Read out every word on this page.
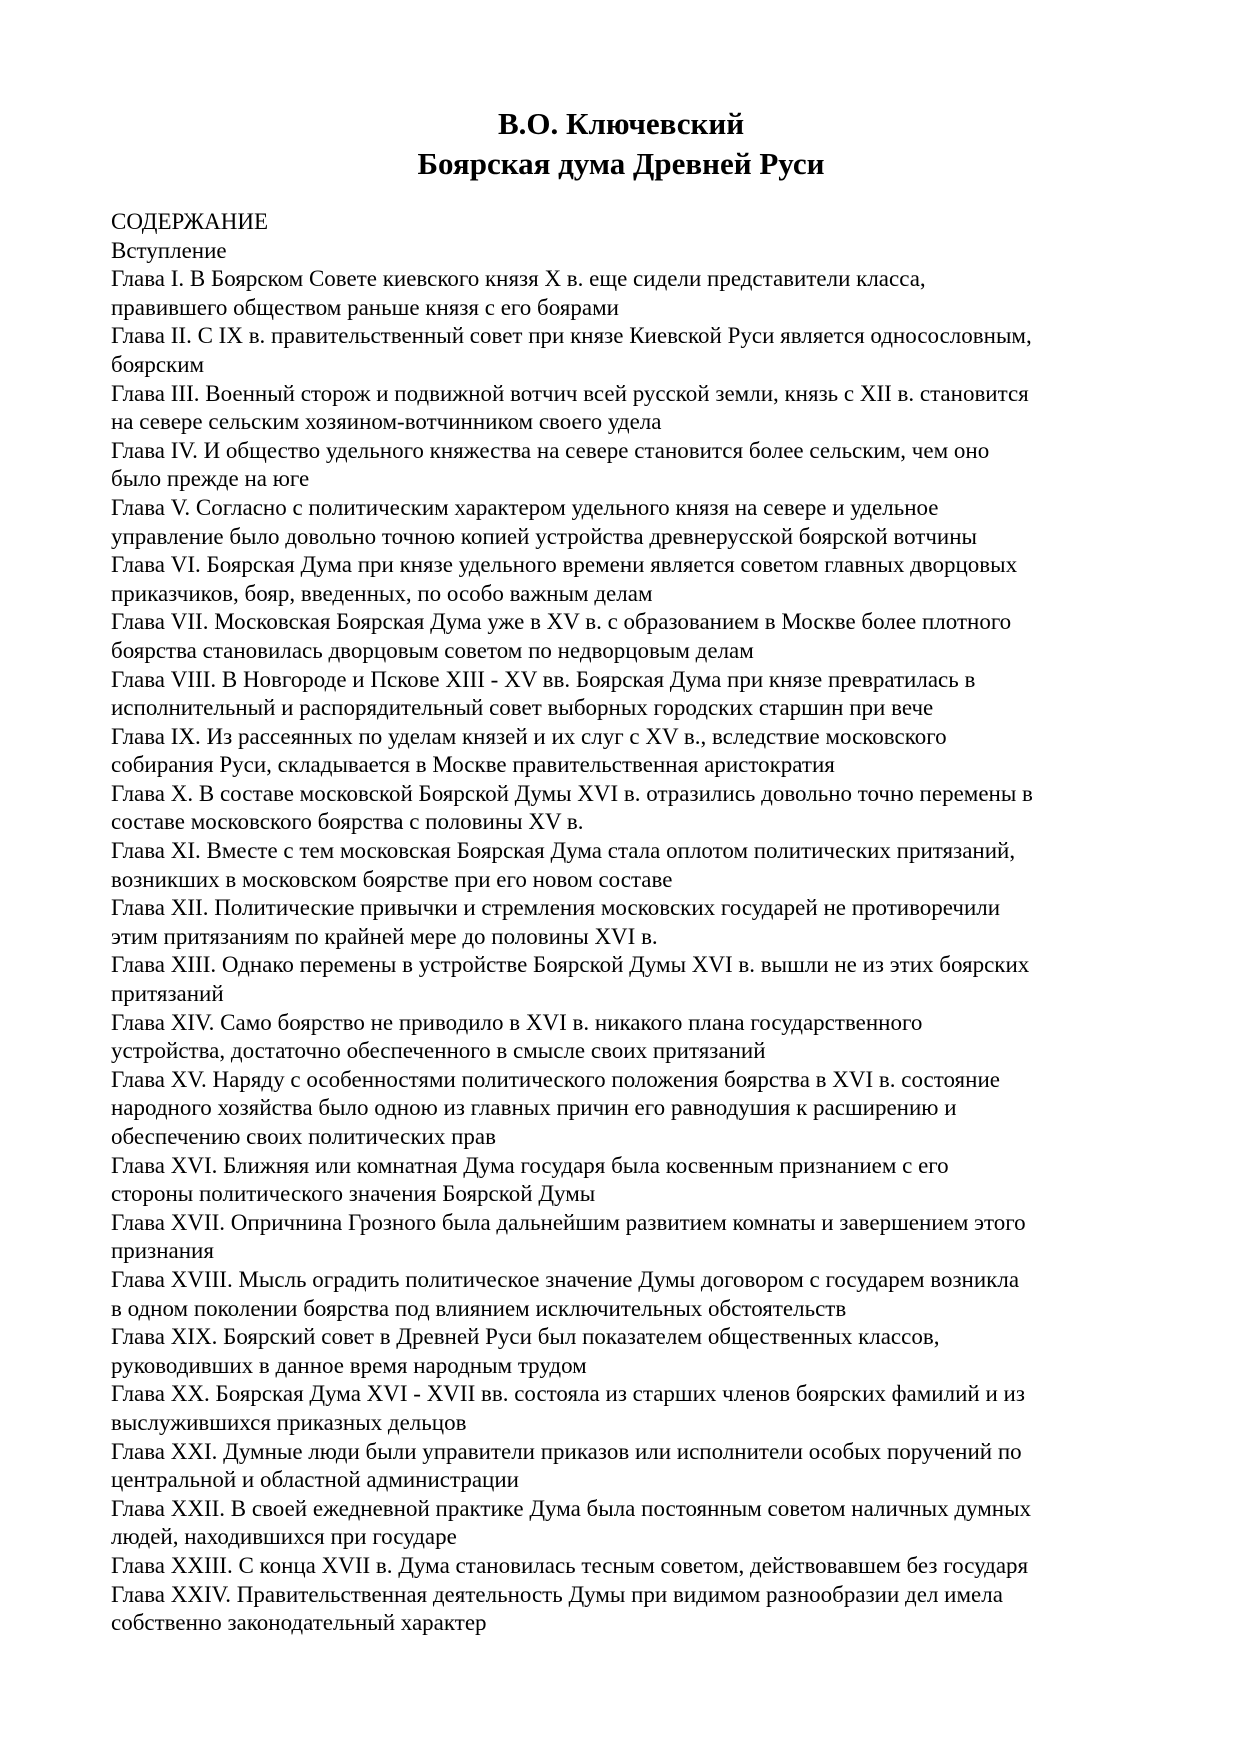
В.О. Ключевский
Боярская дума Древней Руси
СОДЕРЖАНИЕ
Вступление
Глава I. В Боярском Совете киевского князя X в. еще сидели представители класса,
правившего обществом раньше князя с его боярами
Глава II. С IX в. правительственный совет при князе Киевской Руси является односословным,
боярским
Глава III. Военный сторож и подвижной вотчич всей русской земли, князь с XII в. становится
на севере сельским хозяином-вотчинником своего удела
Глава IV. И общество удельного княжества на севере становится более сельским, чем оно
было прежде на юге
Глава V. Согласно с политическим характером удельного князя на севере и удельное
управление было довольно точною копией устройства древнерусской боярской вотчины
Глава VI. Боярская Дума при князе удельного времени является советом главных дворцовых
приказчиков, бояр, введенных, по особо важным делам
Глава VII. Московская Боярская Дума уже в XV в. с образованием в Москве более плотного
боярства становилась дворцовым советом по недворцовым делам
Глава VIII. В Новгороде и Пскове XIII - XV вв. Боярская Дума при князе превратилась в
исполнительный и распорядительный совет выборных городских старшин при вече
Глава IX. Из рассеянных по уделам князей и их слуг с XV в., вследствие московского
собирания Руси, складывается в Москве правительственная аристократия
Глава X. В составе московской Боярской Думы XVI в. отразились довольно точно перемены в
составе московского боярства с половины XV в.
Глава XI. Вместе с тем московская Боярская Дума стала оплотом политических притязаний,
возникших в московском боярстве при его новом составе
Глава XII. Политические привычки и стремления московских государей не противоречили
этим притязаниям по крайней мере до половины XVI в.
Глава XIII. Однако перемены в устройстве Боярской Думы XVI в. вышли не из этих боярских
притязаний
Глава XIV. Само боярство не приводило в XVI в. никакого плана государственного
устройства, достаточно обеспеченного в смысле своих притязаний
Глава XV. Наряду с особенностями политического положения боярства в XVI в. состояние
народного хозяйства было одною из главных причин его равнодушия к расширению и
обеспечению своих политических прав
Глава XVI. Ближняя или комнатная Дума государя была косвенным признанием с его
стороны политического значения Боярской Думы
Глава XVII. Опричнина Грозного была дальнейшим развитием комнаты и завершением этого
признания
Глава XVIII. Мысль оградить политическое значение Думы договором с государем возникла
в одном поколении боярства под влиянием исключительных обстоятельств
Глава XIX. Боярский совет в Древней Руси был показателем общественных классов,
руководивших в данное время народным трудом
Глава XX. Боярская Дума XVI - XVII вв. состояла из старших членов боярских фамилий и из
выслужившихся приказных дельцов
Глава XXI. Думные люди были управители приказов или исполнители особых поручений по
центральной и областной администрации
Глава XXII. В своей ежедневной практике Дума была постоянным советом наличных думных
людей, находившихся при государе
Глава XXIII. С конца XVII в. Дума становилась тесным советом, действовавшем без государя
Глава XXIV. Правительственная деятельность Думы при видимом разнообразии дел имела
собственно законодательный характер
